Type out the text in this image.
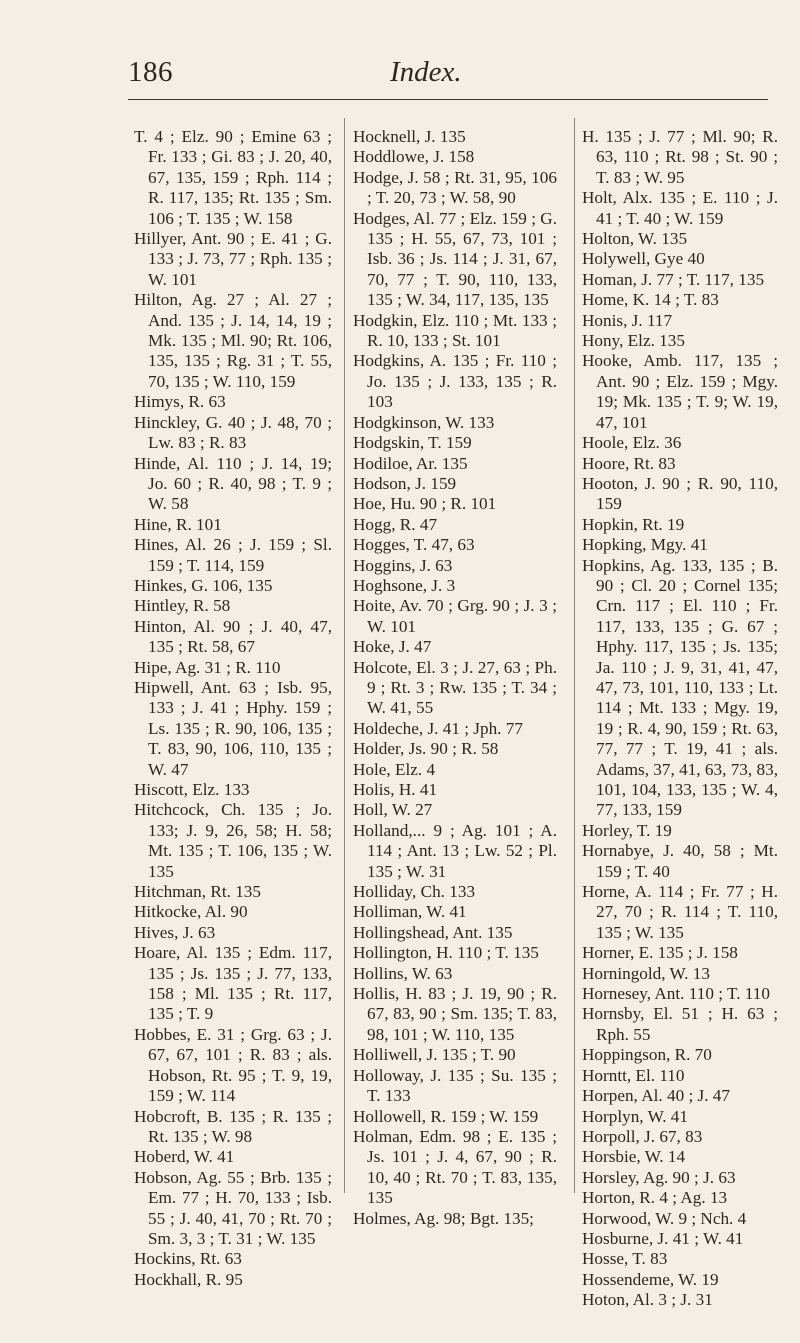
186	Index.

T. 4 ; Elz. 90 ; Emine 63 ; Fr. 133 ; Gi. 83 ; J. 20, 40, 67, 135, 159 ; Rph. 114 ; R. 117, 135; Rt. 135 ; Sm. 106 ; T. 135 ; W. 158

Hillyer, Ant. 90 ; E. 41 ; G. 133 ; J. 73, 77 ; Rph. 135 ; W. 101

Hilton, Ag. 27 ; Al. 27 ; And. 135 ; J. 14, 14, 19 ; Mk. 135 ; Ml. 90; Rt. 106, 135, 135 ; Rg. 31 ; T. 55, 70, 135 ; W. 110, 159

Himys, R. 63

Hinckley, G. 40 ; J. 48, 70 ; Lw. 83 ; R. 83

Hinde, Al. 110 ; J. 14, 19; Jo. 60 ; R. 40, 98 ; T. 9 ; W. 58

Hine, R. 101

Hines, Al. 26 ; J. 159 ; Sl. 159 ; T. 114, 159

Hinkes, G. 106, 135

Hintley, R. 58

Hinton, Al. 90 ; J. 40, 47, 135 ; Rt. 58, 67

Hipe, Ag. 31 ; R. 110

Hipwell, Ant. 63 ; Isb. 95, 133 ; J. 41 ; Hphy. 159 ; Ls. 135 ; R. 90, 106, 135 ; T. 83, 90, 106, 110, 135 ; W. 47

Hiscott, Elz. 133

Hitchcock, Ch. 135 ; Jo. 133; J. 9, 26, 58; H. 58; Mt. 135 ; T. 106, 135 ; W. 135

Hitchman, Rt. 135

Hitkocke, Al. 90

Hives, J. 63

Hoare, Al. 135 ; Edm. 117, 135 ; Js. 135 ; J. 77, 133, 158 ; Ml. 135 ; Rt. 117, 135 ; T. 9

Hobbes, E. 31 ; Grg. 63 ; J. 67, 67, 101 ; R. 83 ; als. Hobson, Rt. 95 ; T. 9, 19, 159 ; W. 114

Hobcroft, B. 135 ; R. 135 ; Rt. 135 ; W. 98

Hoberd, W. 41

Hobson, Ag. 55 ; Brb. 135 ; Em. 77 ; H. 70, 133 ; Isb. 55 ; J. 40, 41, 70 ; Rt. 70 ; Sm. 3, 3 ; T. 31 ; W. 135

Hockins, Rt. 63

Hockhall, R. 95

Hocknell, J. 135

Hoddlowe, J. 158

Hodge, J. 58 ; Rt. 31, 95, 106 ; T. 20, 73 ; W. 58, 90

Hodges, Al. 77 ; Elz. 159 ; G. 135 ; H. 55, 67, 73, 101 ; Isb. 36 ; Js. 114 ; J. 31, 67, 70, 77 ; T. 90, 110, 133, 135 ; W. 34, 117, 135, 135

Hodgkin, Elz. 110 ; Mt. 133 ; R. 10, 133 ; St. 101

Hodgkins, A. 135 ; Fr. 110 ; Jo. 135 ; J. 133, 135 ; R. 103

Hodgkinson, W. 133

Hodgskin, T. 159

Hodiloe, Ar. 135

Hodson, J. 159

Hoe, Hu. 90 ; R. 101

Hogg, R. 47

Hogges, T. 47, 63

Hoggins, J. 63

Hoghsone, J. 3

Hoite, Av. 70 ; Grg. 90 ; J. 3 ; W. 101

Hoke, J. 47

Holcote, El. 3 ; J. 27, 63 ; Ph. 9 ; Rt. 3 ; Rw. 135 ; T. 34 ; W. 41, 55

Holdeche, J. 41 ; Jph. 77

Holder, Js. 90 ; R. 58

Hole, Elz. 4

Holis, H. 41

Holl, W. 27

Holland,... 9 ; Ag. 101 ; A. 114 ; Ant. 13 ; Lw. 52 ; Pl. 135 ; W. 31

Holliday, Ch. 133

Holliman, W. 41

Hollingshead, Ant. 135

Hollington, H. 110 ; T. 135

Hollins, W. 63

Hollis, H. 83 ; J. 19, 90 ; R. 67, 83, 90 ; Sm. 135; T. 83, 98, 101 ; W. 110, 135

Holliwell, J. 135 ; T. 90

Holloway, J. 135 ; Su. 135 ; T. 133

Hollowell, R. 159 ; W. 159

Holman, Edm. 98 ; E. 135 ; Js. 101 ; J. 4, 67, 90 ; R. 10, 40 ; Rt. 70 ; T. 83, 135, 135

Holmes, Ag. 98; Bgt. 135;

H. 135 ; J. 77 ; Ml. 90; R. 63, 110 ; Rt. 98 ; St. 90 ; T. 83 ; W. 95

Holt, Alx. 135 ; E. 110 ; J. 41 ; T. 40 ; W. 159

Holton, W. 135

Holywell, Gye 40

Homan, J. 77 ; T. 117, 135

Home, K. 14 ; T. 83

Honis, J. 117

Hony, Elz. 135

Hooke, Amb. 117, 135 ; Ant. 90 ; Elz. 159 ; Mgy. 19; Mk. 135 ; T. 9; W. 19, 47, 101

Hoole, Elz. 36

Hoore, Rt. 83

Hooton, J. 90 ; R. 90, 110, 159

Hopkin, Rt. 19

Hopking, Mgy. 41

Hopkins, Ag. 133, 135 ; B. 90 ; Cl. 20 ; Cornel 135; Crn. 117 ; El. 110 ; Fr. 117, 133, 135 ; G. 67 ; Hphy. 117, 135 ; Js. 135; Ja. 110 ; J. 9, 31, 41, 47, 47, 73, 101, 110, 133 ; Lt. 114 ; Mt. 133 ; Mgy. 19, 19 ; R. 4, 90, 159 ; Rt. 63, 77, 77 ; T. 19, 41 ; als. Adams, 37, 41, 63, 73, 83, 101, 104, 133, 135 ; W. 4, 77, 133, 159

Horley, T. 19

Hornabye, J. 40, 58 ; Mt. 159 ; T. 40

Horne, A. 114 ; Fr. 77 ; H. 27, 70 ; R. 114 ; T. 110, 135 ; W. 135

Horner, E. 135 ; J. 158

Horningold, W. 13

Hornesey, Ant. 110 ; T. 110

Hornsby, El. 51 ; H. 63 ; Rph. 55

Hoppingson, R. 70

Horntt, El. 110

Horpen, Al. 40 ; J. 47

Horplyn, W. 41

Horpoll, J. 67, 83

Horsbie, W. 14

Horsley, Ag. 90 ; J. 63

Horton, R. 4 ; Ag. 13

Horwood, W. 9 ; Nch. 4

Hosburne, J. 41 ; W. 41

Hosse, T. 83

Hossendeme, W. 19

Hoton, Al. 3 ; J. 31
